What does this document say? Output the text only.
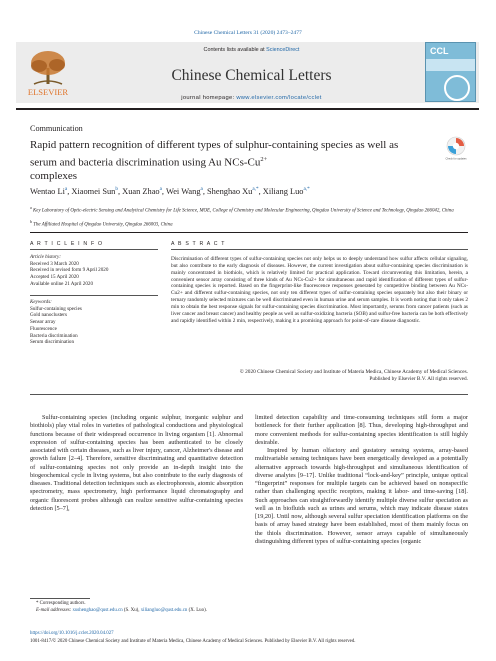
Chinese Chemical Letters 31 (2020) 2473–2477
ELSEVIER
Contents lists available at ScienceDirect
Chinese Chemical Letters
journal homepage: www.elsevier.com/locate/cclet
CCL
Communication
Rapid pattern recognition of different types of sulphur-containing species as well as serum and bacteria discrimination using Au NCs-$Cu^{2+}$
complexes
Check for updates
Wentao Li$^a$, Xiaomei Sun$^b$, Xuan Zhao$^a$, Wei Wang$^a$, Shenghao $Xu^{a,*}$, Xiliang Luo$^{a,*}$
$^a$ Key Laboratory of Optic-electric Sensing and Analytical Chemistry for Life Science, MOE, College of Chemistry and Molecular Engineering, Qingdao University of Science and Technology, Qingdao 266042, China
$^b$ The Affiliated Hospital of Qingdao University, Qingdao 266003, China
A R T I C L E I N F O
Article history:
Received 3 March 2020
Received in revised form 9 April 2020
Accepted 15 April 2020
Available online 21 April 2020
Keywords:
Sulfur-containing species
Gold nanoclusters
Sensor array
Fluorescence
Bacteria discrimination
Serum discrimination
A B S T R A C T
Discrimination of different types of sulfur-containing species not only helps us to deeply understand how sulfur affects cellular signaling, but also contribute to the early diagnosis of diseases. However, the current investigation about sulfur-containing species discrimination is mainly concentrated in biothiols, which is relatively limited for practical application. Toward circumventing this limitation, herein, a convenient sensor array consisting of three kinds of Au NCs-Cu2+ for simultaneous and rapid identification of different types of sulfur-containing species is reported. Based on the fingerprint-like fluorescence responses generated by competitive binding between Au NCs-Cu2+ and different sulfur-containing species, not only ten different types of sulfur-containing species separately but also their binary or ternary randomly selected mixtures can be well discriminated even in human urine and serum samples. It is worth noting that it only takes 2 min to obtain the best response signals for sulfur-containing species discrimination. Most importantly, serums from cancer patients (such as liver cancer and breast cancer) and healthy people as well as sulfur-oxidizing bacteria (SOB) and sulfur-free bacteria can be both effectively and rapidly identified within 2 min, respectively, making it a promising approach for point-of-care disease diagnostic.
© 2020 Chinese Chemical Society and Institute of Materia Medica, Chinese Academy of Medical Sciences.
Published by Elsevier B.V. All rights reserved.
Sulfur-containing species (including organic sulphur, inorganic sulphur and biothiols) play vital roles in varieties of pathological conductions and physiological functions because of their widespread occurrence in living organism [1]. Abnormal expression of sulfur-containing species has been authenticated to be closely associated with certain diseases, such as liver injury, cancer, Alzheimer's disease and growth failure [2–4]. Therefore, sensitive discriminating and quantitative detection of sulfur-containing species not only provide an in-depth insight into the biogeochemical cycle in living systems, but also contribute to the early diagnosis of diseases. Traditional detection techniques such as electrophoresis, atomic absorption spectrometry, mass spectrometry, high performance liquid chromatography and organic fluorescent probes although can realize sensitive sulfur-containing species detection [5–7],
limited detection capability and time-consuming techniques still form a major bottleneck for their further application [8]. Thus, developing high-throughput and more convenient methods for sulfur-containing species identification is still highly desirable.
Inspired by human olfactory and gustatory sensing systems, array-based multivariable sensing techniques have been energetically developed as a potentially alternative approach towards high-throughput and simultaneous identification of diverse analytes [9–17]. Unlike traditional “lock-and-key” principle, unique optical “fingerprint” responses for multiple targets can be achieved based on nonspecific rather than challenging specific receptors, making it labor- and time-saving [18]. Such approaches can straightforwardly identify multiple diverse sulfur speciation as well as in biofluids such as urines and serums, which may indicate disease states [19,20]. Until now, although several sulfur speciation identification platforms on the basis of array based strategy have been established, most of them mainly focus on the thiols discrimination. However, sensor arrays capable of simultaneously distinguishing different types of sulfur-containing species (organic
* Corresponding authors.
E-mail addresses: xushenghao@qust.edu.cn (S. Xu), xiliangluo@qust.edu.cn (X. Luo).
https://doi.org/10.1016/j.cclet.2020.04.027
1001-8417/© 2020 Chinese Chemical Society and Institute of Materia Medica, Chinese Academy of Medical Sciences. Published by Elsevier B.V. All rights reserved.
